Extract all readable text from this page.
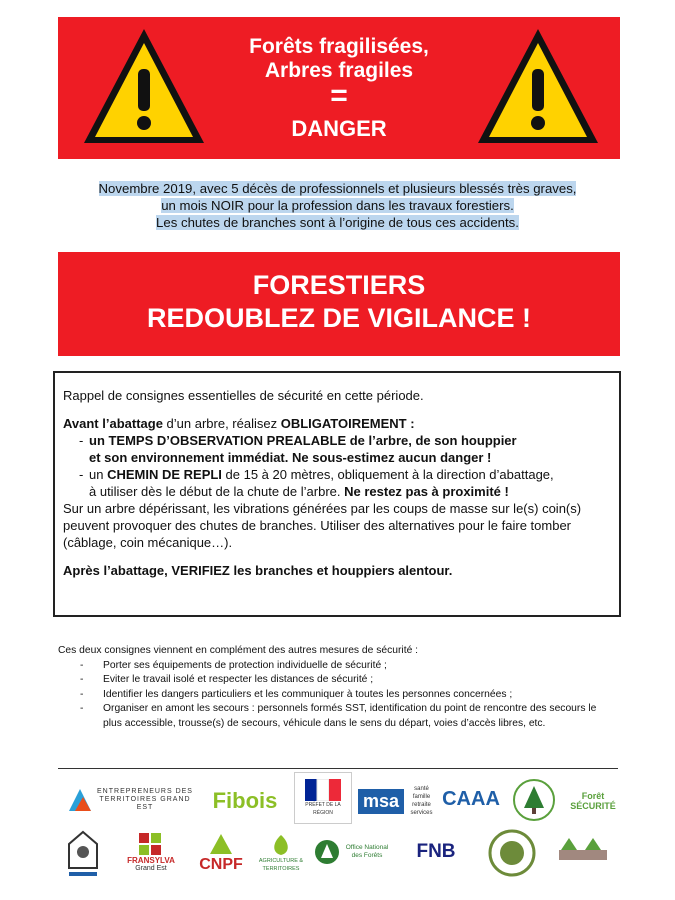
Forêts fragilisées,
Arbres fragiles
=
DANGER
Novembre 2019, avec 5 décès de professionnels et plusieurs blessés très graves,
un mois NOIR pour la profession dans les travaux forestiers.
Les chutes de branches sont à l’origine de tous ces accidents.
FORESTIERS
REDOUBLEZ DE VIGILANCE !

Rappel de consignes essentielles de sécurité en cette période.

Avant l’abattage d’un arbre, réalisez OBLIGATOIREMENT :

- un TEMPS D’OBSERVATION PREALABLE de l’arbre, de son houppier
et son environnement immédiat. Ne sous-estimez aucun danger !
- un CHEMIN DE REPLI de 15 à 20 mètres, obliquement à la direction d’abattage,
à utiliser dès le début de la chute de l’arbre. Ne restez pas à proximité !

Sur un arbre dépérissant, les vibrations générées par les coups de masse sur le(s) coin(s) peuvent provoquer des chutes de branches. Utiliser des alternatives pour le faire tomber (câblage, coin mécanique…).

Après l’abattage, VERIFIEZ les branches et houppiers alentour.

Ces deux consignes viennent en complément des autres mesures de sécurité :

- Porter ses équipements de protection individuelle de sécurité ;
- Eviter le travail isolé et respecter les distances de sécurité ;
- Identifier les dangers particuliers et les communiquer à toutes les personnes concernées ;
- Organiser en amont les secours : personnels formés SST, identification du point de rencontre des secours le plus accessible, trousse(s) de secours, véhicule dans le sens du départ, voies d’accès libres, etc.
ENTREPRENEURS DES TERRITOIRES GRAND EST	Fibois	PRÉFET DE LA RÉGION
msa
santé famille retraite services
CAAA	Forêt SÉCURITÉ
FRANSYLVA
Grand Est CNPF	AGRICULTURE & TERRITOIRES
Office National des Forêts	FNB
